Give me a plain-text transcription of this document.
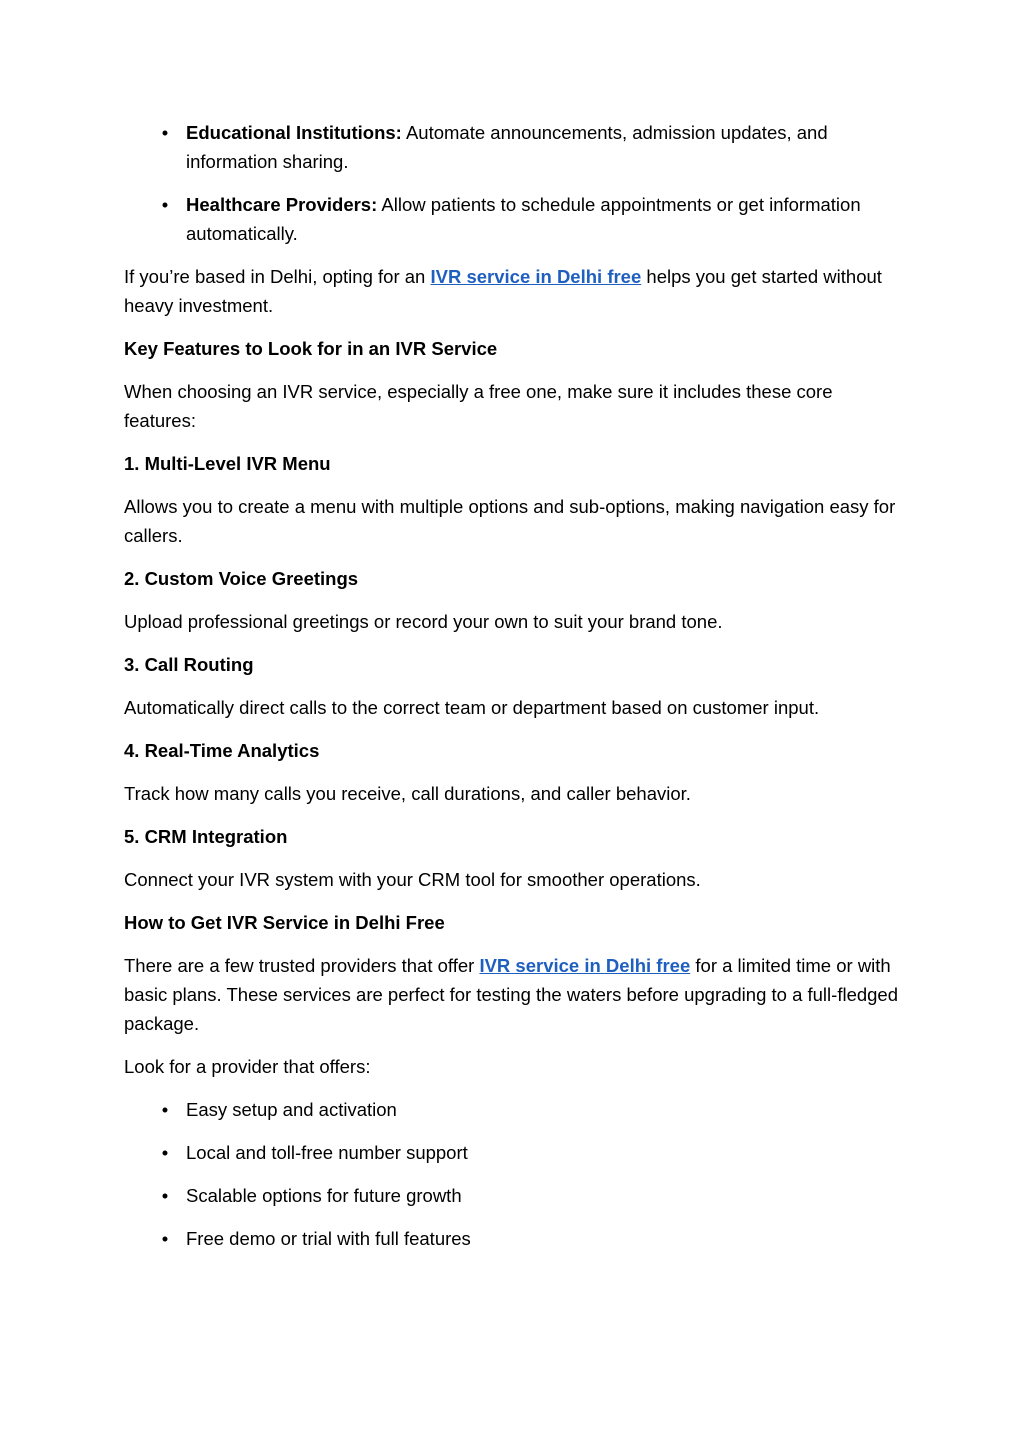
• Educational Institutions: Automate announcements, admission updates, and information sharing.
• Healthcare Providers: Allow patients to schedule appointments or get information automatically.

If you’re based in Delhi, opting for an IVR service in Delhi free helps you get started without heavy investment.

Key Features to Look for in an IVR Service

When choosing an IVR service, especially a free one, make sure it includes these core features:

1. Multi-Level IVR Menu

Allows you to create a menu with multiple options and sub-options, making navigation easy for callers.

2. Custom Voice Greetings

Upload professional greetings or record your own to suit your brand tone.

3. Call Routing

Automatically direct calls to the correct team or department based on customer input.

4. Real-Time Analytics

Track how many calls you receive, call durations, and caller behavior.

5. CRM Integration

Connect your IVR system with your CRM tool for smoother operations.

How to Get IVR Service in Delhi Free

There are a few trusted providers that offer IVR service in Delhi free for a limited time or with basic plans. These services are perfect for testing the waters before upgrading to a full-fledged package.

Look for a provider that offers:

• Easy setup and activation
• Local and toll-free number support
• Scalable options for future growth
• Free demo or trial with full features
